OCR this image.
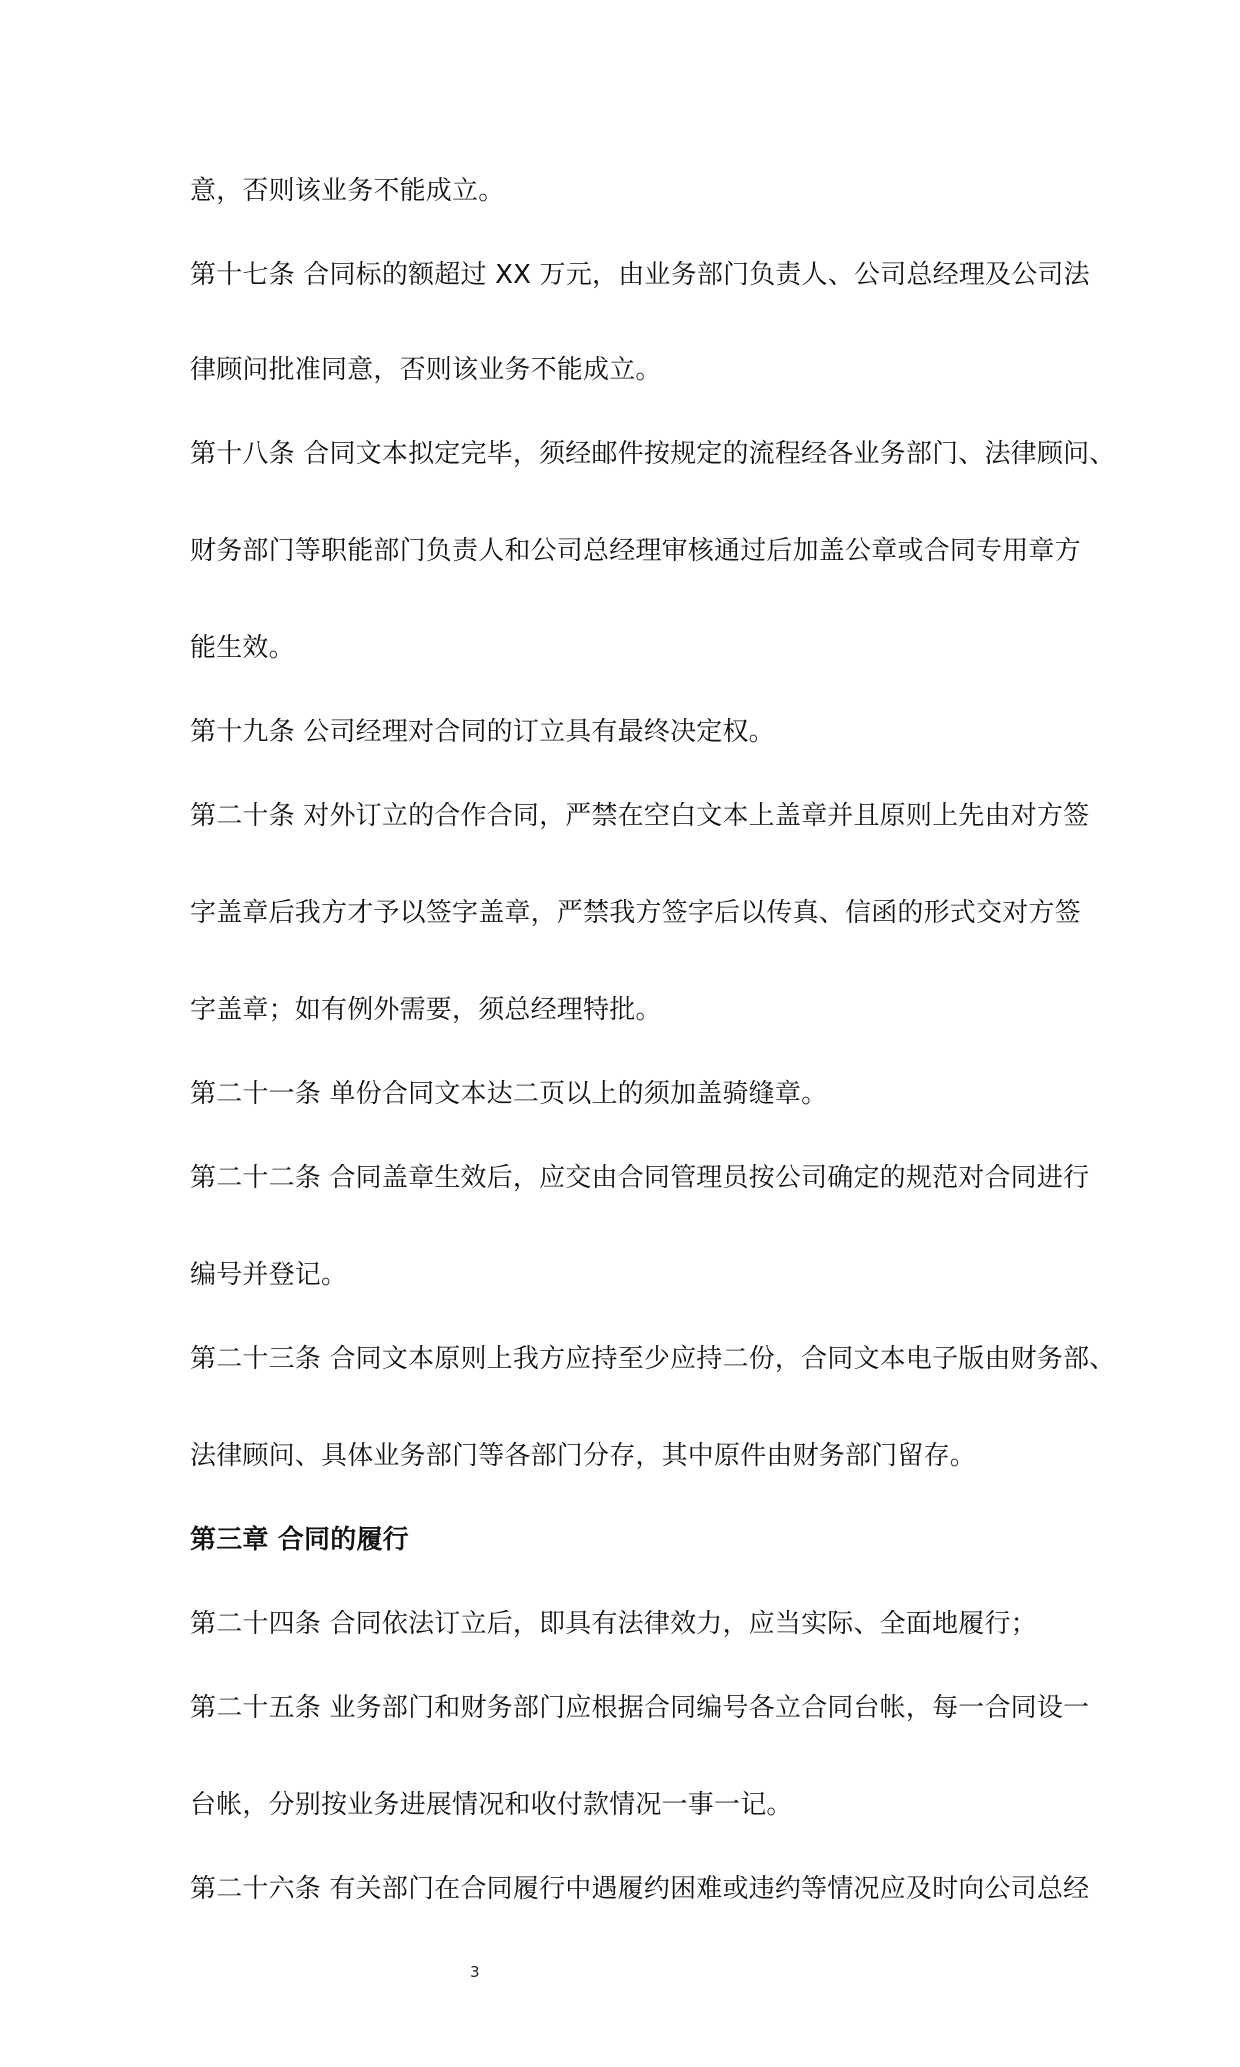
意，否则该业务不能成立。
第十七条 合同标的额超过 XX 万元，由业务部门负责人、公司总经理及公司法
律顾问批准同意，否则该业务不能成立。
第十八条 合同文本拟定完毕，须经邮件按规定的流程经各业务部门、法律顾问、
财务部门等职能部门负责人和公司总经理审核通过后加盖公章或合同专用章方
能生效。
第十九条 公司经理对合同的订立具有最终决定权。
第二十条 对外订立的合作合同，严禁在空白文本上盖章并且原则上先由对方签
字盖章后我方才予以签字盖章，严禁我方签字后以传真、信函的形式交对方签
字盖章；如有例外需要，须总经理特批。
第二十一条 单份合同文本达二页以上的须加盖骑缝章。
第二十二条 合同盖章生效后，应交由合同管理员按公司确定的规范对合同进行
编号并登记。
第二十三条 合同文本原则上我方应持至少应持二份，合同文本电子版由财务部、
法律顾问、具体业务部门等各部门分存，其中原件由财务部门留存。
第三章 合同的履行
第二十四条 合同依法订立后，即具有法律效力，应当实际、全面地履行；
第二十五条 业务部门和财务部门应根据合同编号各立合同台帐，每一合同设一
台帐，分别按业务进展情况和收付款情况一事一记。
第二十六条 有关部门在合同履行中遇履约困难或违约等情况应及时向公司总经
3
